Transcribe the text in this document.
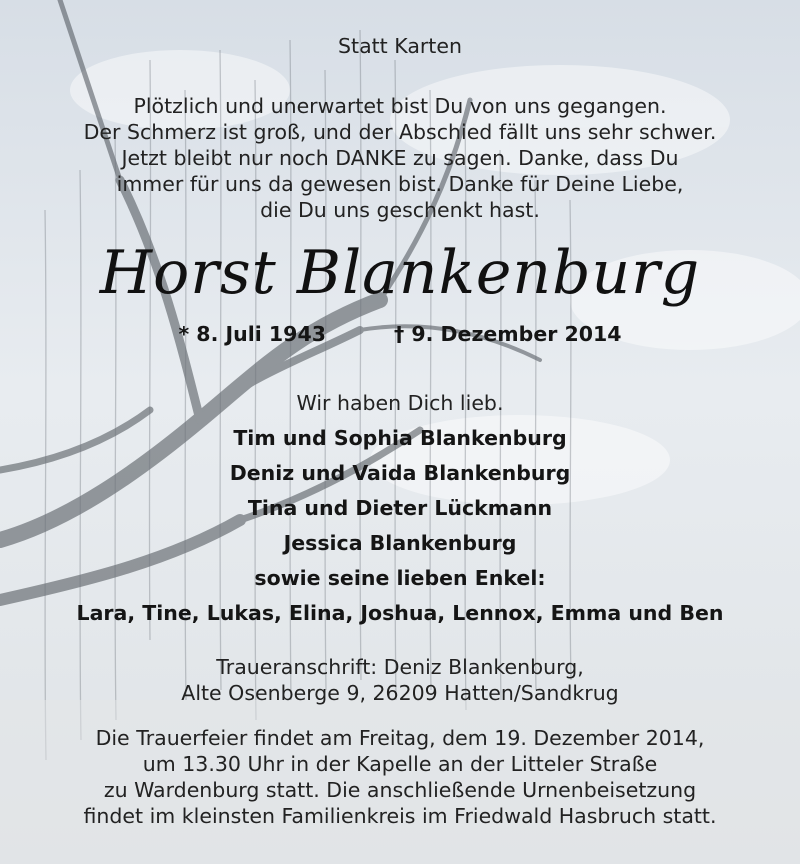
Statt Karten
Plötzlich und unerwartet bist Du von uns gegangen.
Der Schmerz ist groß, und der Abschied fällt uns sehr schwer.
Jetzt bleibt nur noch DANKE zu sagen. Danke, dass Du
immer für uns da gewesen bist. Danke für Deine Liebe,
die Du uns geschenkt hast.
Horst Blankenburg
* 8. Juli 1943	† 9. Dezember 2014
Wir haben Dich lieb.
Tim und Sophia Blankenburg
Deniz und Vaida Blankenburg
Tina und Dieter Lückmann
Jessica Blankenburg
sowie seine lieben Enkel:
Lara, Tine, Lukas, Elina, Joshua, Lennox, Emma und Ben
Traueranschrift: Deniz Blankenburg,
Alte Osenberge 9, 26209 Hatten/Sandkrug
Die Trauerfeier findet am Freitag, dem 19. Dezember 2014,
um 13.30 Uhr in der Kapelle an der Litteler Straße
zu Wardenburg statt. Die anschließende Urnenbeisetzung
findet im kleinsten Familienkreis im Friedwald Hasbruch statt.
